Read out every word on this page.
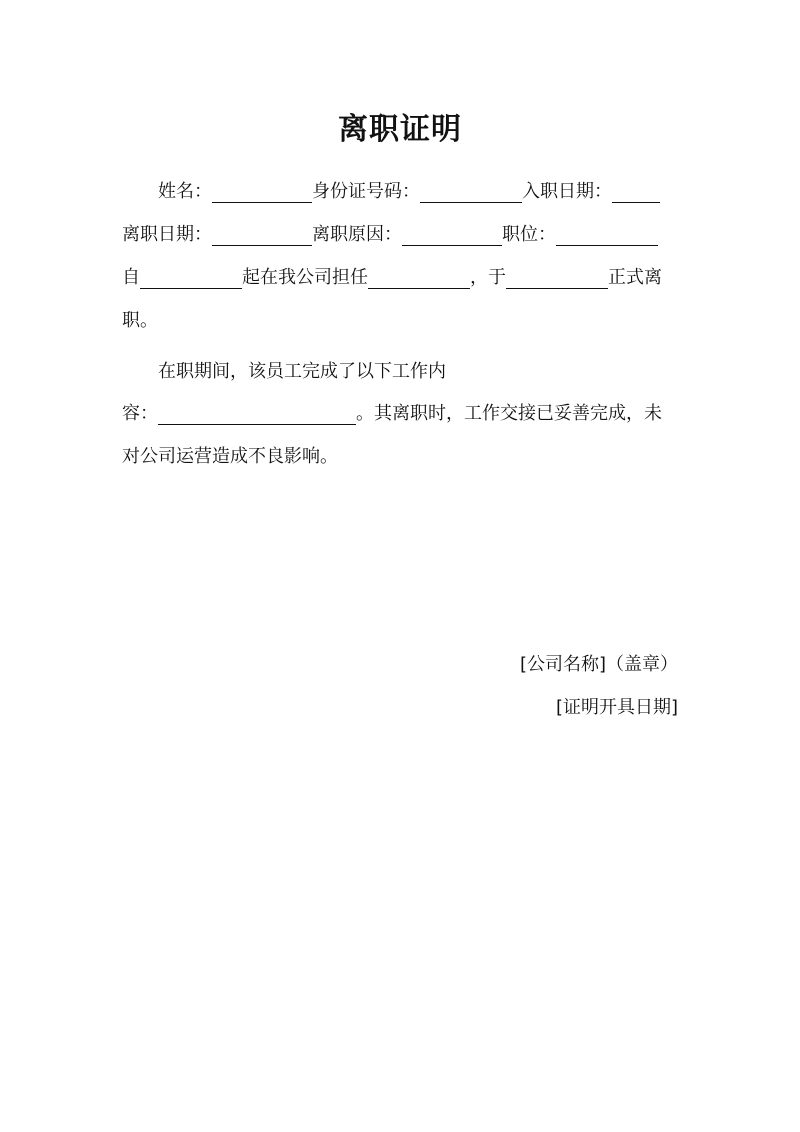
离职证明
姓名：	身份证号码：	入职日期：
离职日期：	离职原因：	职位：
自	起在我公司担任	，于	正式离
职。
在职期间，该员工完成了以下工作内
容：	。其离职时，工作交接已妥善完成，未
对公司运营造成不良影响。
[公司名称]（盖章）
[证明开具日期]
